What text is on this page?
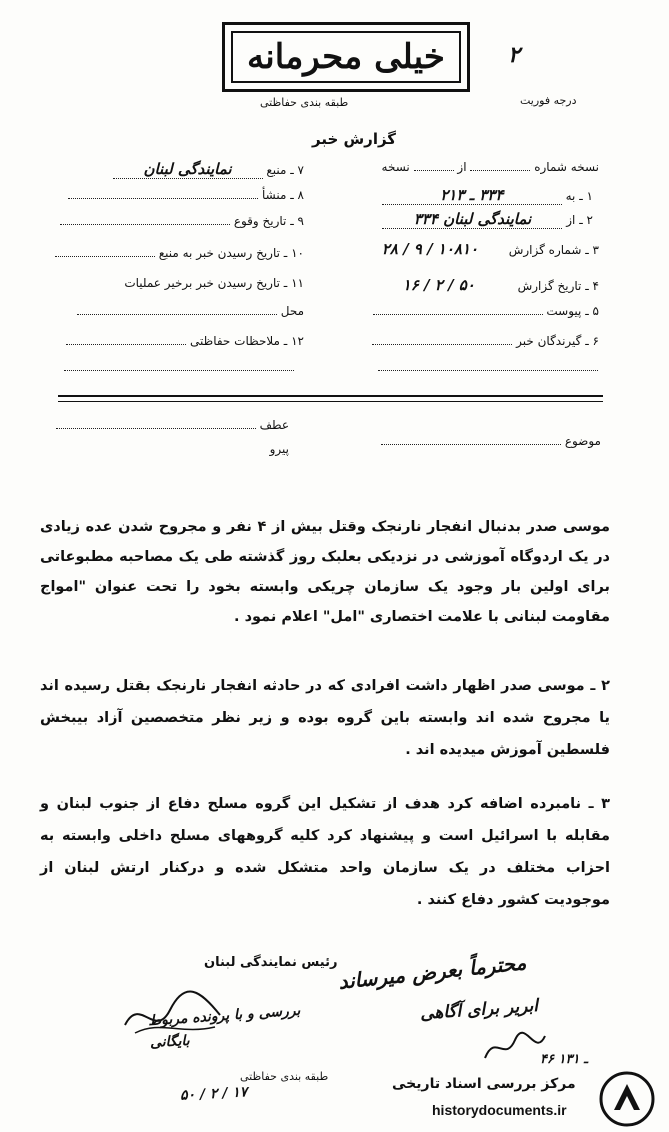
خیلی محرمانه	۲
طبقه بندی حفاظتی	درجه فوریت
گزارش خبر
نسخه شماره  از  نسخه
۱ ـ به ۳۳۴ ـ ۲۱۳
۲ ـ از نمایندگی لبنان ۳۳۴
۳ ـ شماره گزارش ۱۰۸۱۰ / ۹ / ۲۸
۴ ـ تاریخ گزارش ۵۰ / ۲ / ۱۶
۵ ـ پیوست
۶ ـ گیرندگان خبر
۷ ـ منبع نمایندگی لبنان
۸ ـ منشأ
۹ ـ تاریخ وقوع
۱۰ ـ تاریخ رسیدن خبر به منبع
۱۱ ـ تاریخ رسیدن خبر برخیر عملیات
محل
۱۲ ـ ملاحظات حفاظتی
عطف
پیرو
موضوع
موسی صدر بدنبال انفجار نارنجک وقتل بیش از ۴ نفر و مجروح شدن عده زیادی در یک اردوگاه آموزشی در نزدیکی بعلبک روز گذشته طی یک مصاحبه مطبوعاتی برای اولین بار وجود یک سازمان چریکی وابسته بخود را تحت عنوان "امواج مقاومت لبنانی با علامت اختصاری "امل" اعلام نمود .
۲ ـ موسی صدر اظهار داشت افرادی که در حادثه انفجار نارنجک بقتل رسیده اند یا مجروح شده اند وابسته باین گروه بوده و زیر نظر متخصصین آزاد بیبخش فلسطین آموزش میدیده اند .
۳ ـ نامبرده اضافه کرد هدف از تشکیل این گروه مسلح دفاع از جنوب لبنان و مقابله با اسرائیل است و پیشنهاد کرد کلیه گروههای مسلح داخلی وابسته به احزاب مختلف در یک سازمان واحد متشکل شده و درکنار ارتش لبنان از موجودیت کشور دفاع کنند .
رئیس نمایندگی لبنان محترماً بعرض میرساند
ابریر برای آگاهی
بررسی و با پرونده مربوط
بایگانی
۴۶ ـ ۱۳۱
۵۰ / ۲ / ۱۷
طبقه بندی حفاظتی	مرکز بررسی اسناد تاریخی
historydocuments.ir
